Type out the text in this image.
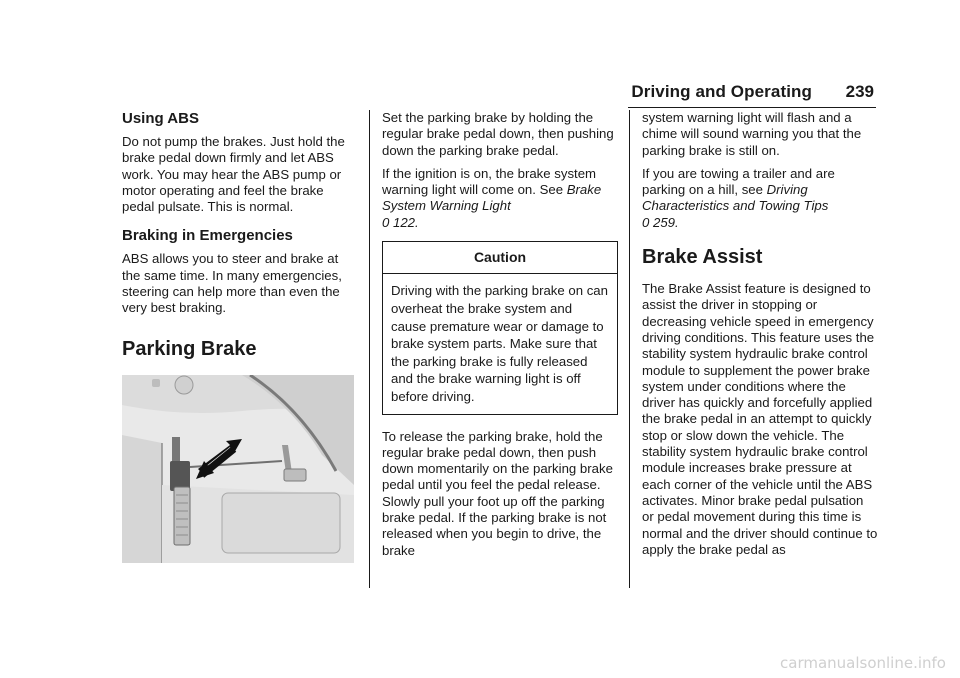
Driving and Operating 239
Using ABS

Do not pump the brakes. Just hold the brake pedal down firmly and let ABS work. You may hear the ABS pump or motor operating and feel the brake pedal pulsate. This is normal.

Braking in Emergencies

ABS allows you to steer and brake at the same time. In many emergencies, steering can help more than even the very best braking.

Parking Brake

Set the parking brake by holding the regular brake pedal down, then pushing down the parking brake pedal.

If the ignition is on, the brake system warning light will come on. See Brake System Warning Light
0 122.

Caution
Driving with the parking brake on can overheat the brake system and cause premature wear or damage to brake system parts. Make sure that the parking brake is fully released and the brake warning light is off before driving.

To release the parking brake, hold the regular brake pedal down, then push down momentarily on the parking brake pedal until you feel the pedal release. Slowly pull your foot up off the parking brake pedal. If the parking brake is not released when you begin to drive, the brake

system warning light will flash and a chime will sound warning you that the parking brake is still on.

If you are towing a trailer and are parking on a hill, see Driving Characteristics and Towing Tips
0 259.

Brake Assist

The Brake Assist feature is designed to assist the driver in stopping or decreasing vehicle speed in emergency driving conditions. This feature uses the stability system hydraulic brake control module to supplement the power brake system under conditions where the driver has quickly and forcefully applied the brake pedal in an attempt to quickly stop or slow down the vehicle. The stability system hydraulic brake control module increases brake pressure at each corner of the vehicle until the ABS activates. Minor brake pedal pulsation or pedal movement during this time is normal and the driver should continue to apply the brake pedal as

carmanualsonline.info
